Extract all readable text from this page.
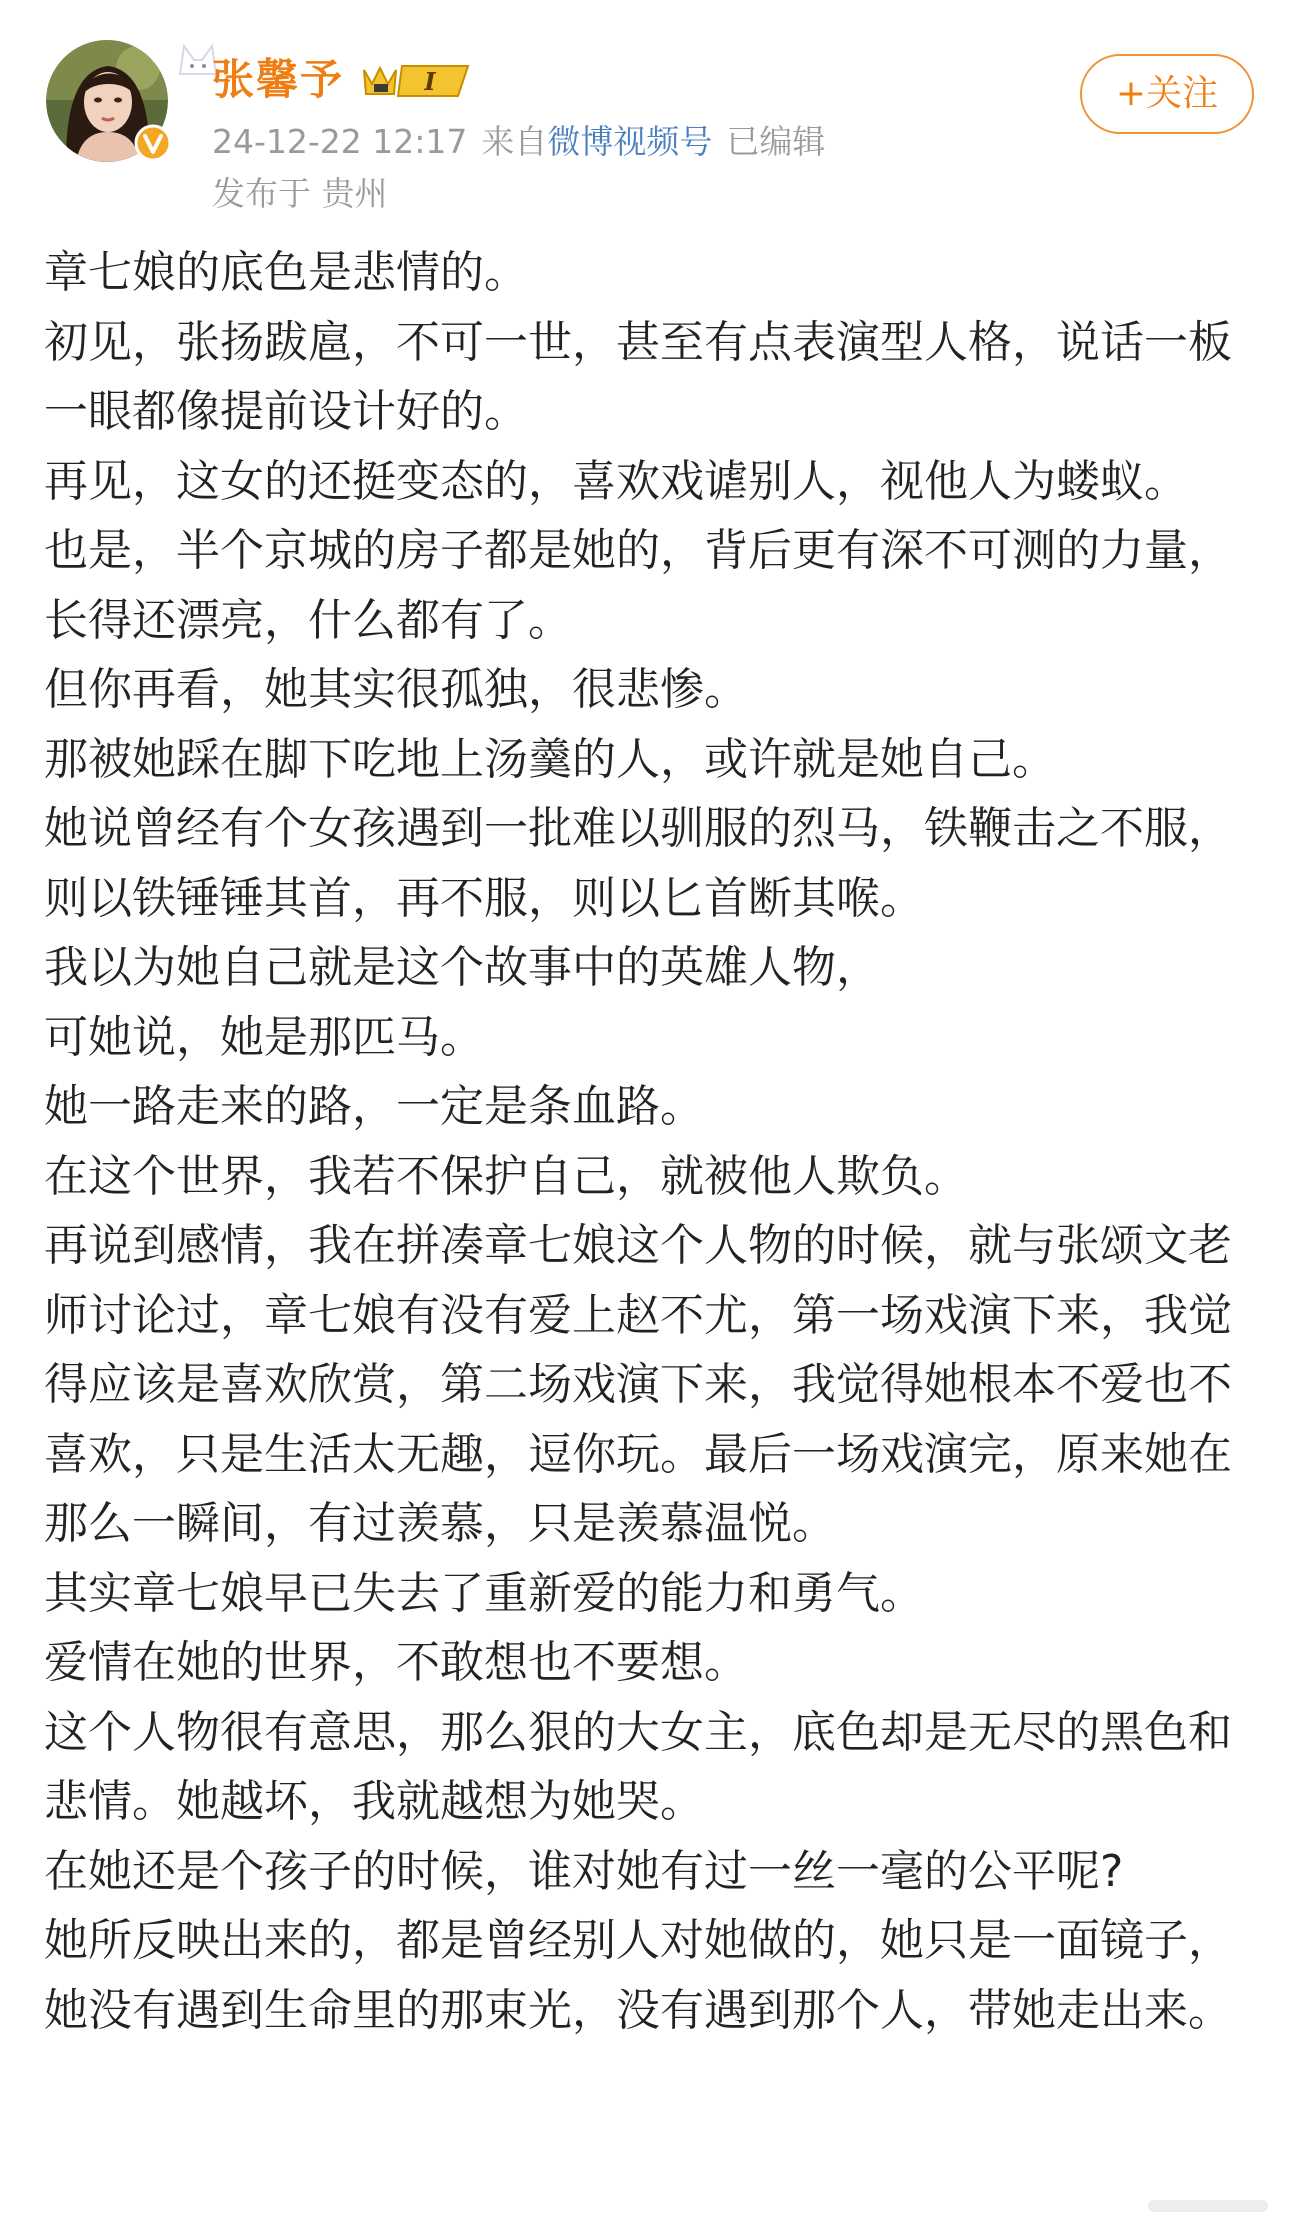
张馨予	I
24-12-22 12:17 来自微博视频号 已编辑
发布于 贵州
+关注

章七娘的底色是悲情的。

初见，张扬跋扈，不可一世，甚至有点表演型人格，说话一板一眼都像提前设计好的。

再见，这女的还挺变态的，喜欢戏谑别人，视他人为蝼蚁。

也是，半个京城的房子都是她的，背后更有深不可测的力量，长得还漂亮，什么都有了。

但你再看，她其实很孤独，很悲惨。

那被她踩在脚下吃地上汤羹的人，或许就是她自己。

她说曾经有个女孩遇到一批难以驯服的烈马，铁鞭击之不服，则以铁锤锤其首，再不服，则以匕首断其喉。

我以为她自己就是这个故事中的英雄人物，

可她说，她是那匹马。

她一路走来的路，一定是条血路。

在这个世界，我若不保护自己，就被他人欺负。

再说到感情，我在拼凑章七娘这个人物的时候，就与张颂文老师讨论过，章七娘有没有爱上赵不尤，第一场戏演下来，我觉得应该是喜欢欣赏，第二场戏演下来，我觉得她根本不爱也不喜欢，只是生活太无趣，逗你玩。最后一场戏演完，原来她在那么一瞬间，有过羡慕，只是羡慕温悦。

其实章七娘早已失去了重新爱的能力和勇气。

爱情在她的世界，不敢想也不要想。

这个人物很有意思，那么狠的大女主，底色却是无尽的黑色和悲情。她越坏，我就越想为她哭。

在她还是个孩子的时候，谁对她有过一丝一毫的公平呢?

她所反映出来的，都是曾经别人对她做的，她只是一面镜子，她没有遇到生命里的那束光，没有遇到那个人，带她走出来。
